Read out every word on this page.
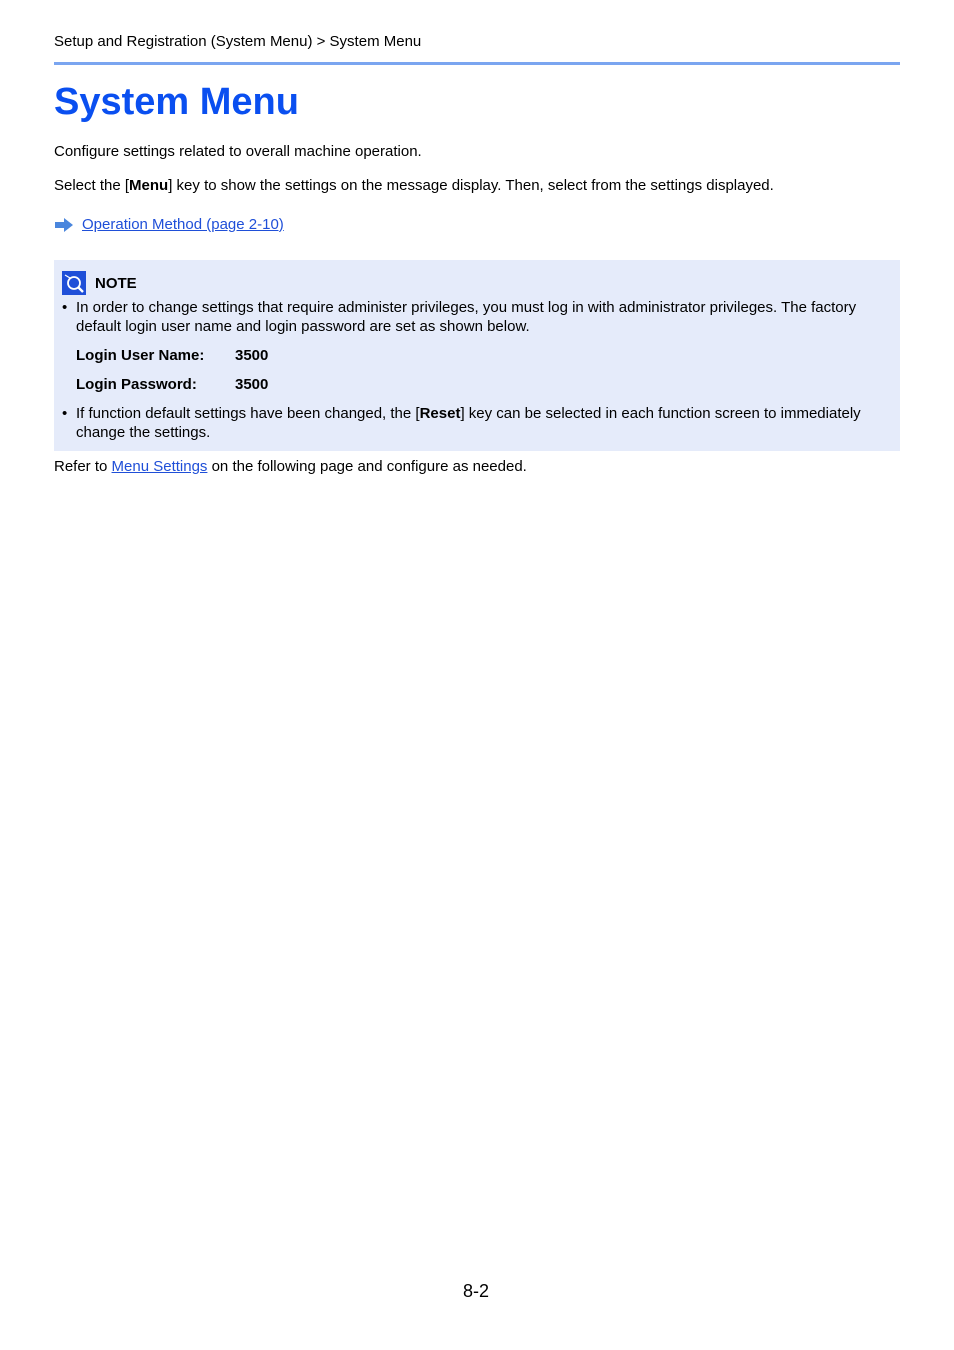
Setup and Registration (System Menu) > System Menu
System Menu

Configure settings related to overall machine operation.

Select the [Menu] key to show the settings on the message display. Then, select from the settings displayed.

Operation Method (page 2-10)
NOTE
• In order to change settings that require administer privileges, you must log in with administrator privileges. The factory default login user name and login password are set as shown below.
Login User Name: 3500
Login Password:	3500
• If function default settings have been changed, the [Reset] key can be selected in each function screen to immediately change the settings.

Refer to Menu Settings on the following page and configure as needed.

8-2
